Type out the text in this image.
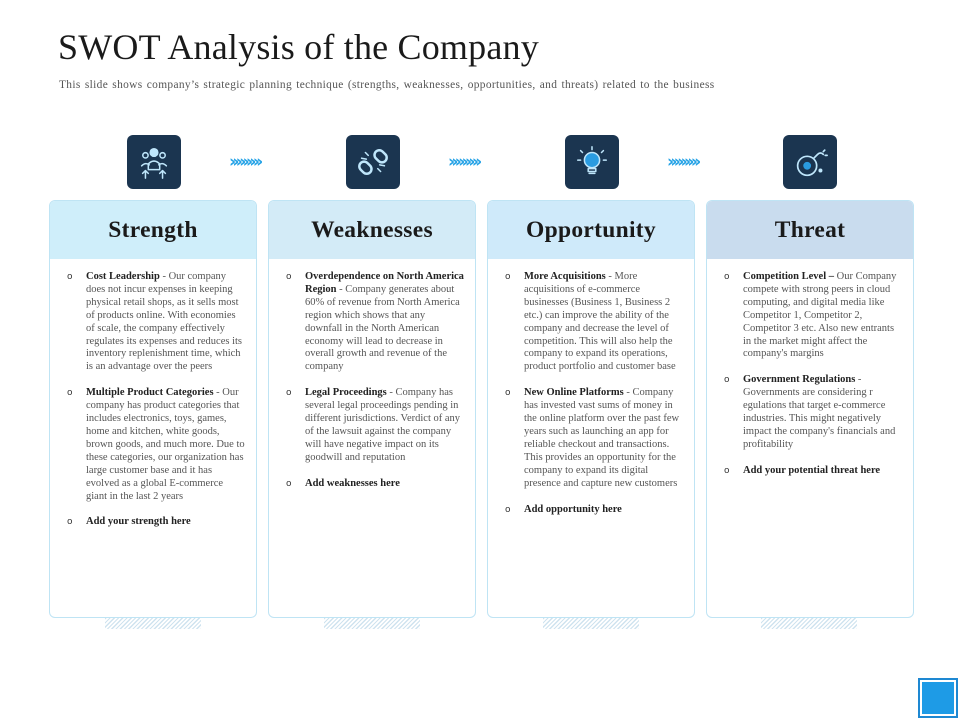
SWOT Analysis of the Company

This slide shows company’s strategic planning technique (strengths, weaknesses, opportunities, and threats) related to the business

›››››››››	›››››››››	›››››››››
Strength
o	Cost Leadership - Our company does not incur expenses in keeping physical retail shops, as it sells most of products online. With economies of scale, the company effectively regulates its expenses and reduces its inventory replenishment time, which is an advantage over the peers
o	Multiple Product Categories - Our company has product categories that includes electronics, toys, games, home and kitchen, white goods, brown goods, and much more. Due to these categories, our organization has large customer base and it has evolved as a global E-commerce giant in the last 2 years
o	Add your strength here
Weaknesses
o	Overdependence on North America Region - Company generates about 60% of revenue from North America region which shows that any downfall in the North American economy will lead to decrease in overall growth and revenue of the company
o	Legal Proceedings - Company has several legal proceedings pending in different jurisdictions. Verdict of any of the lawsuit against the company will have negative impact on its goodwill and reputation
o	Add weaknesses here
Opportunity
o	More Acquisitions - More acquisitions of e-commerce businesses (Business 1, Business 2 etc.) can improve the ability of the company and decrease the level of competition. This will also help the company to expand its operations, product portfolio and customer base
o	New Online Platforms - Company has invested vast sums of money in the online platform over the past few years such as launching an app for reliable checkout and transactions. This provides an opportunity for the company to expand its digital presence and capture new customers
o	Add opportunity here
Threat
o	Competition Level – Our Company compete with strong peers in cloud computing, and digital media like Competitor 1, Competitor 2, Competitor 3 etc. Also new entrants in the market might affect the company's margins
o	Government Regulations - Governments are considering r egulations that target e-commerce industries. This might negatively impact the company's financials and profitability
o	Add your potential threat here
